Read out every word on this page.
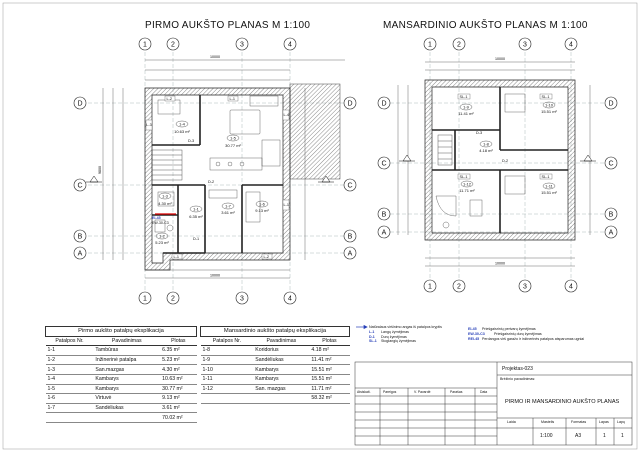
PIRMO AUKŠTO PLANAS M 1:100	MANSARDINIO AUKŠTO PLANAS M 1:100
1	2	3	4
1	2	3	4
D
C
B
A
D
C
B
A
10000
10000
9800
1-4
10.63 m²
1-5
30.77 m²
1-7
3.61 m²
1-6
9.13 m²
1-1
6.35 m²
1-3
4.30 m²
1-2
5.23 m²
EI-45
EW-30-C3
L-2	L-1
L-4
L-3
L-1
L-2
L-1
D-3
D-2
D-1
1	2	3	4
1	2	3	4
D
C
B
A
D
C
B
A
10000
10000
1-9
11.41 m²
1-10
15.51 m²
1-8
4.18 m²
1-12
11.71 m²
1-11
15.51 m²
SL-1	SL-1
SL-1	SL-1
D-3
D-2
Pirmo aukšto patalpų eksplikacija		
Patalpos Nr.	Pavadinimas	Plotas
1-1	Tambūras	6.35 m²
1-2	Inžinerinė patalpa	5.23 m²
1-3	San.mazgas	4.30 m²
1-4	Kambarys	10.63 m²
1-5	Kambarys	30.77 m²
1-6	Virtuvė	9.13 m²
1-7	Sandėliukas	3.61 m²
		70.02 m²
Mansardinio aukšto patalpų eksplikacija		
Patalpos Nr.	Pavadinimas	Plotas
1-8	Koridorius	4.18 m²
1-9	Sandėliukas	11.41 m²
1-10	Kambarys	15.51 m²
1-11	Kambarys	15.51 m²
1-12	San. mazgas	11.71 m²
		58.32 m²
Natūralaus viršinimo angas iš patalpos kryptis
L-1 Langų žymėjimas
D-1 Durų žymėjimas
SL-1 Stoglangių žymėjimas
EI-45 Priešgaisrinių pertvarų žymėjimas
EW-30-C3	Priešgaisrinių durų žymėjimas
REI-45 Perdangos virš garažo ir inžinerinės patalpos atsparumas ugniai
Projektas-023
Brėžinio pavadinimas:
PIRMO IR MANSARDINIO AUKŠTO PLANAS
Atsiskait.	Pareigos	V. Pavardė	Parašas	Data
Laida	Mastelis	Formatas	Lapas Lapų
1:100	A3	1	1
